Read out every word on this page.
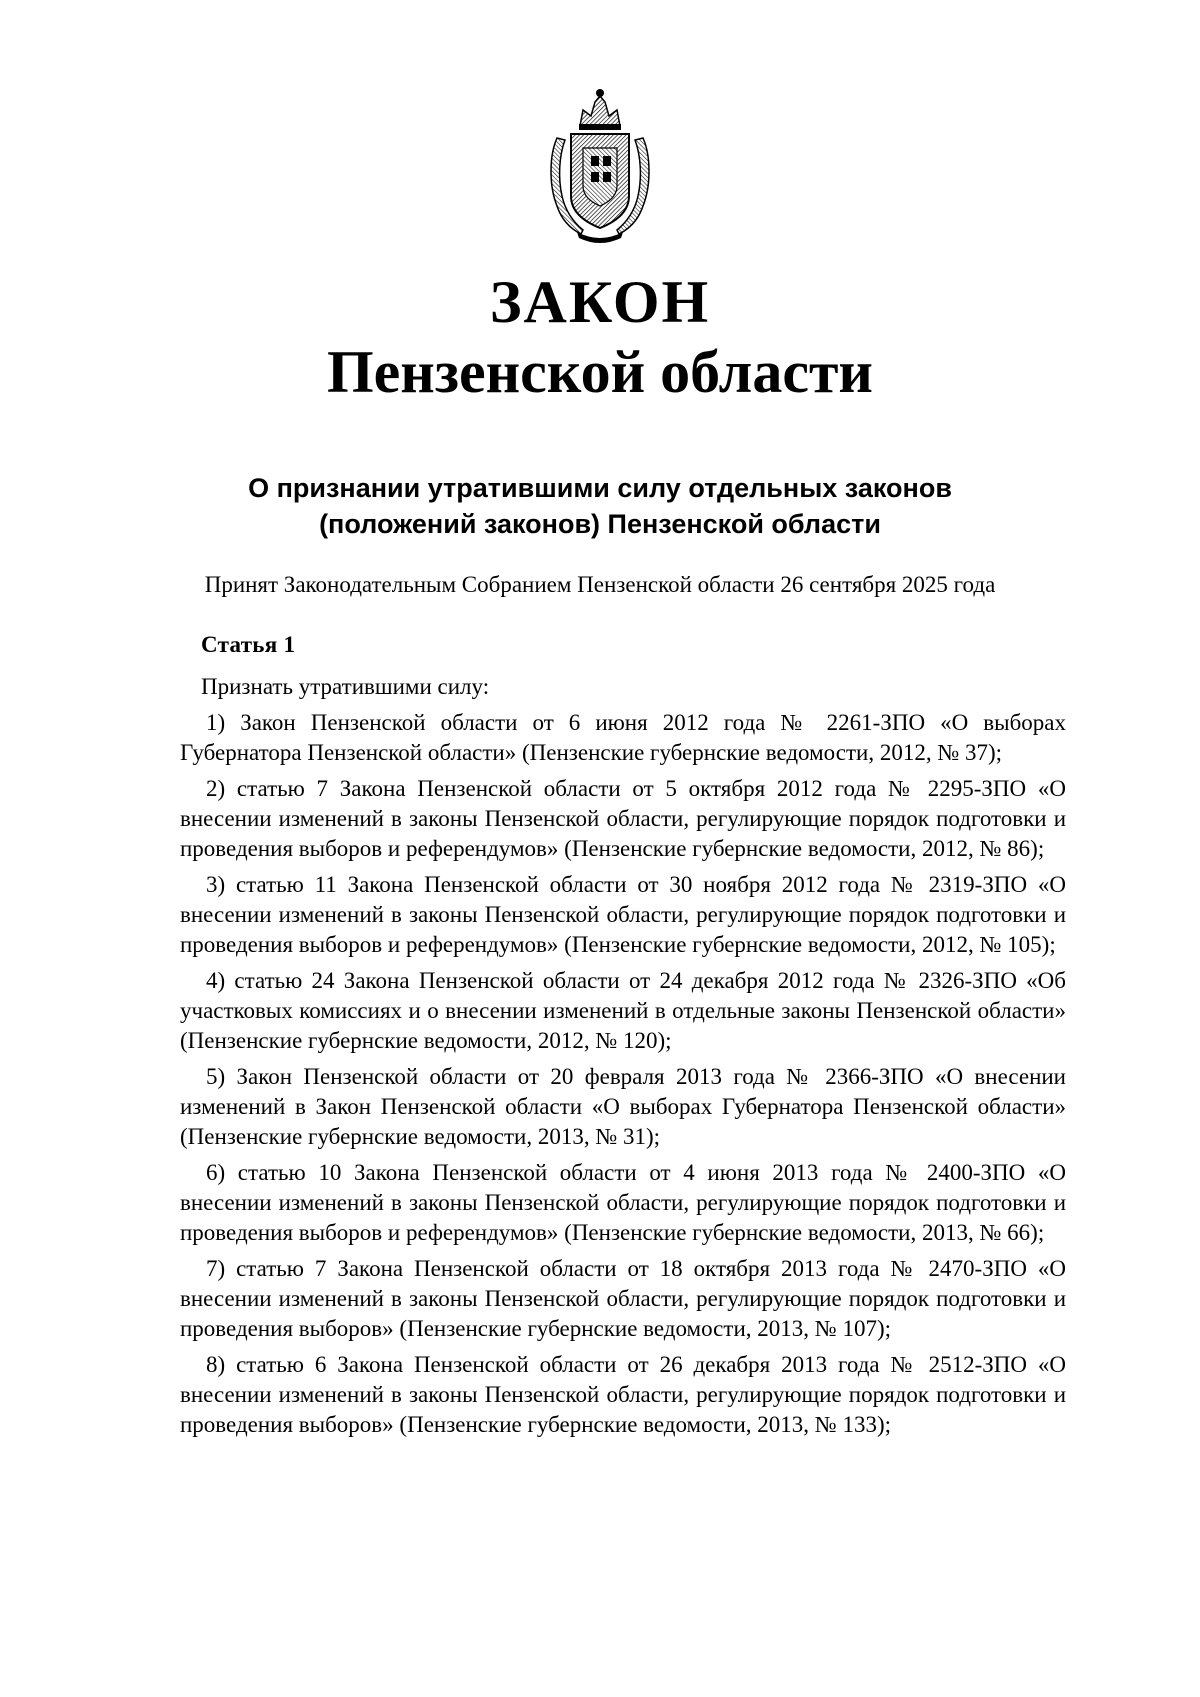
ЗАКОН
Пензенской области
О признании утратившими силу отдельных законов
(положений законов) Пензенской области
Принят Законодательным Собранием Пензенской области 26 сентября 2025 года

Статья 1

Признать утратившими силу:

1) Закон Пензенской области от 6 июня 2012 года № 2261-ЗПО «О выборах Губернатора Пензенской области» (Пензенские губернские ведомости, 2012, № 37);

2) статью 7 Закона Пензенской области от 5 октября 2012 года № 2295-ЗПО «О внесении изменений в законы Пензенской области, регулирующие порядок подготовки и проведения выборов и референдумов» (Пензенские губернские ведомости, 2012, № 86);

3) статью 11 Закона Пензенской области от 30 ноября 2012 года № 2319-ЗПО «О внесении изменений в законы Пензенской области, регулирующие порядок подготовки и проведения выборов и референдумов» (Пензенские губернские ведомости, 2012, № 105);

4) статью 24 Закона Пензенской области от 24 декабря 2012 года № 2326-ЗПО «Об участковых комиссиях и о внесении изменений в отдельные законы Пензенской области» (Пензенские губернские ведомости, 2012, № 120);

5) Закон Пензенской области от 20 февраля 2013 года № 2366-ЗПО «О внесении изменений в Закон Пензенской области «О выборах Губернатора Пензенской области» (Пензенские губернские ведомости, 2013, № 31);

6) статью 10 Закона Пензенской области от 4 июня 2013 года № 2400-ЗПО «О внесении изменений в законы Пензенской области, регулирующие порядок подготовки и проведения выборов и референдумов» (Пензенские губернские ведомости, 2013, № 66);

7) статью 7 Закона Пензенской области от 18 октября 2013 года № 2470-ЗПО «О внесении изменений в законы Пензенской области, регулирующие порядок подготовки и проведения выборов» (Пензенские губернские ведомости, 2013, № 107);

8) статью 6 Закона Пензенской области от 26 декабря 2013 года № 2512-ЗПО «О внесении изменений в законы Пензенской области, регулирующие порядок подготовки и проведения выборов» (Пензенские губернские ведомости, 2013, № 133);
